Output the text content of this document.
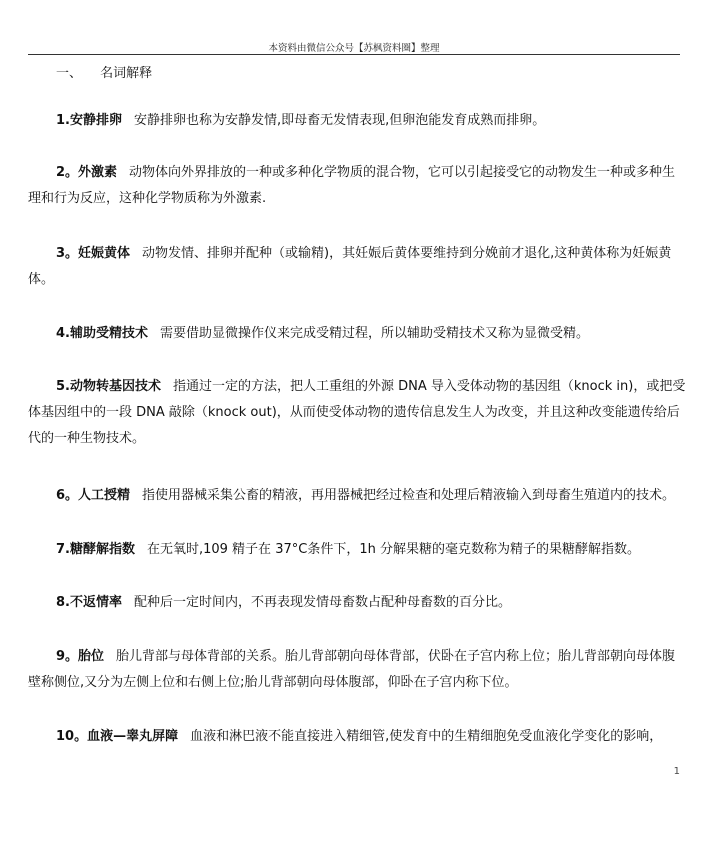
本资料由微信公众号【苏枫资料圈】整理
一、 名词解释
1.安静排卵 安静排卵也称为安静发情,即母畜无发情表现,但卵泡能发育成熟而排卵。
2。外激素 动物体向外界排放的一种或多种化学物质的混合物，它可以引起接受它的动物发生一种或多种生理和行为反应，这种化学物质称为外激素.
3。妊娠黄体 动物发情、排卵并配种（或输精)，其妊娠后黄体要维持到分娩前才退化,这种黄体称为妊娠黄体。
4.辅助受精技术 需要借助显微操作仪来完成受精过程，所以辅助受精技术又称为显微受精。
5.动物转基因技术 指通过一定的方法，把人工重组的外源 DNA 导入受体动物的基因组（knock in)，或把受体基因组中的一段 DNA 敲除（knock out)，从而使受体动物的遗传信息发生人为改变，并且这种改变能遗传给后代的一种生物技术。
6。人工授精 指使用器械采集公畜的精液，再用器械把经过检查和处理后精液输入到母畜生殖道内的技术。
7.糖酵解指数 在无氧时,109 精子在 37°C条件下，1h 分解果糖的毫克数称为精子的果糖酵解指数。
8.不返情率 配种后一定时间内，不再表现发情母畜数占配种母畜数的百分比。
9。胎位 胎儿背部与母体背部的关系。胎儿背部朝向母体背部，伏卧在子宫内称上位；胎儿背部朝向母体腹壁称侧位,又分为左侧上位和右侧上位;胎儿背部朝向母体腹部，仰卧在子宫内称下位。
10。血液—睾丸屏障 血液和淋巴液不能直接进入精细管,使发育中的生精细胞免受血液化学变化的影响，
1
